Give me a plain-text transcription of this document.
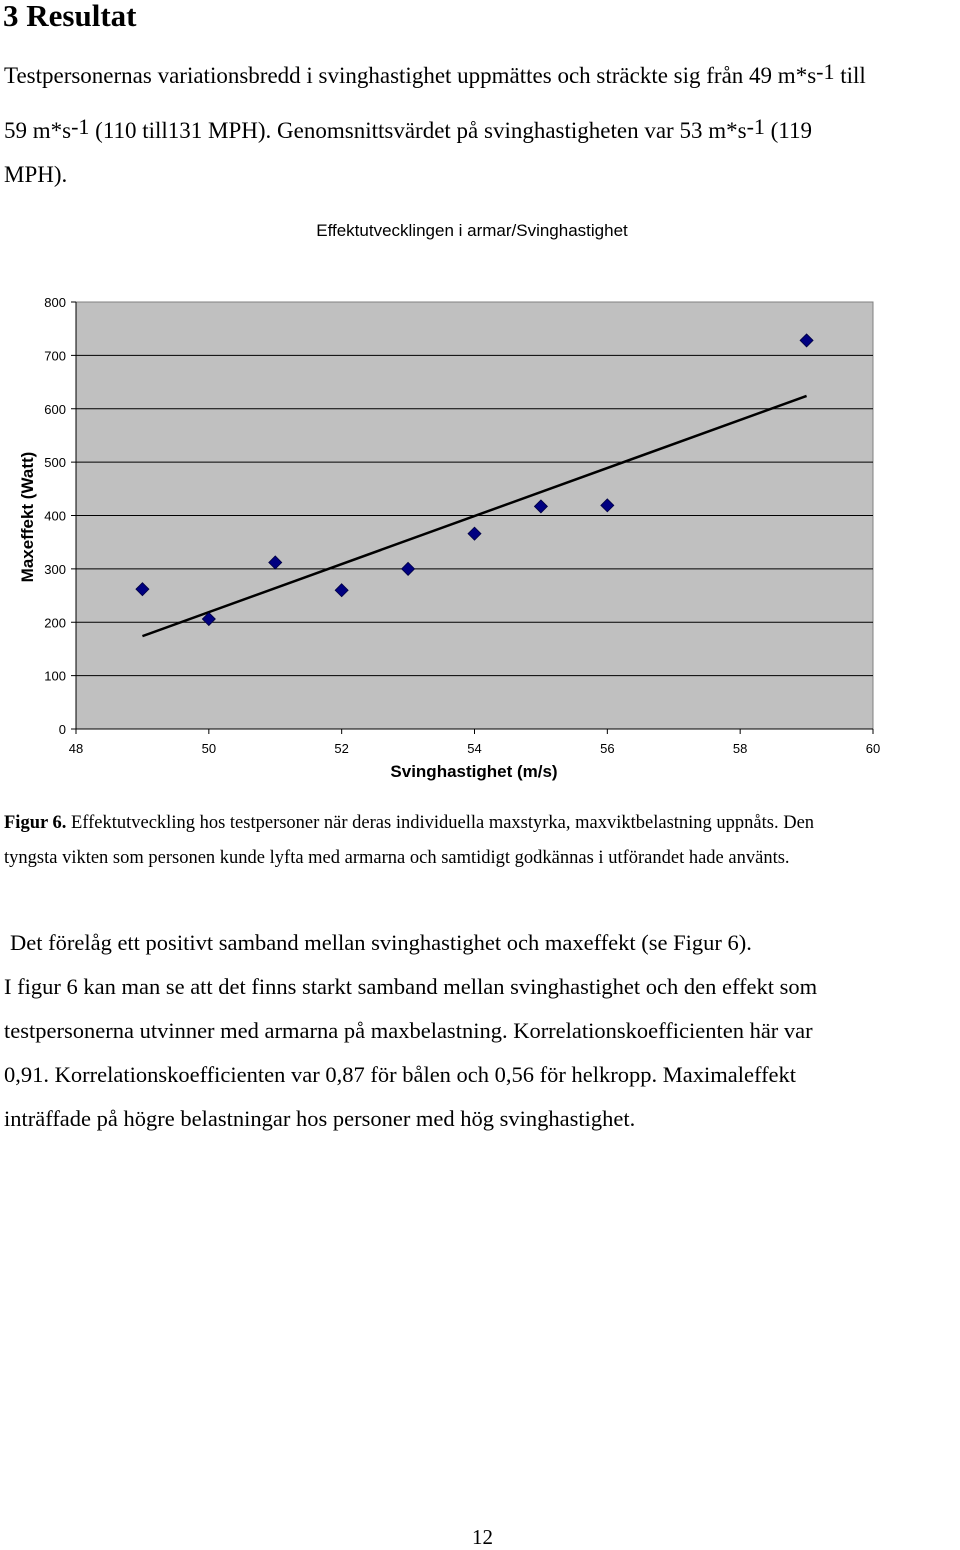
3 Resultat
Testpersonernas variationsbredd i svinghastighet uppmättes och sträckte sig från 49 $m*s^{-1}$ till
59 $m*s^{-1}$ (110 till131 MPH). Genomsnittsvärdet på svinghastigheten var 53 $m*s^{-1}$ (119
MPH).
0
100
200
300
400
500
600
700
800
48	50	52	54	56	58	60
Effektutvecklingen i armar/Svinghastighet
Svinghastighet (m/s)
Maxeffekt (Watt)
Figur 6. Effektutveckling hos testpersoner när deras individuella maxstyrka, maxviktbelastning uppnåts. Den
tyngsta vikten som personen kunde lyfta med armarna och samtidigt godkännas i utförandet hade använts.
Det förelåg ett positivt samband mellan svinghastighet och maxeffekt (se Figur 6).
I figur 6 kan man se att det finns starkt samband mellan svinghastighet och den effekt som
testpersonerna utvinner med armarna på maxbelastning. Korrelationskoefficienten här var
0,91. Korrelationskoefficienten var 0,87 för bålen och 0,56 för helkropp. Maximaleffekt
inträffade på högre belastningar hos personer med hög svinghastighet.
12
